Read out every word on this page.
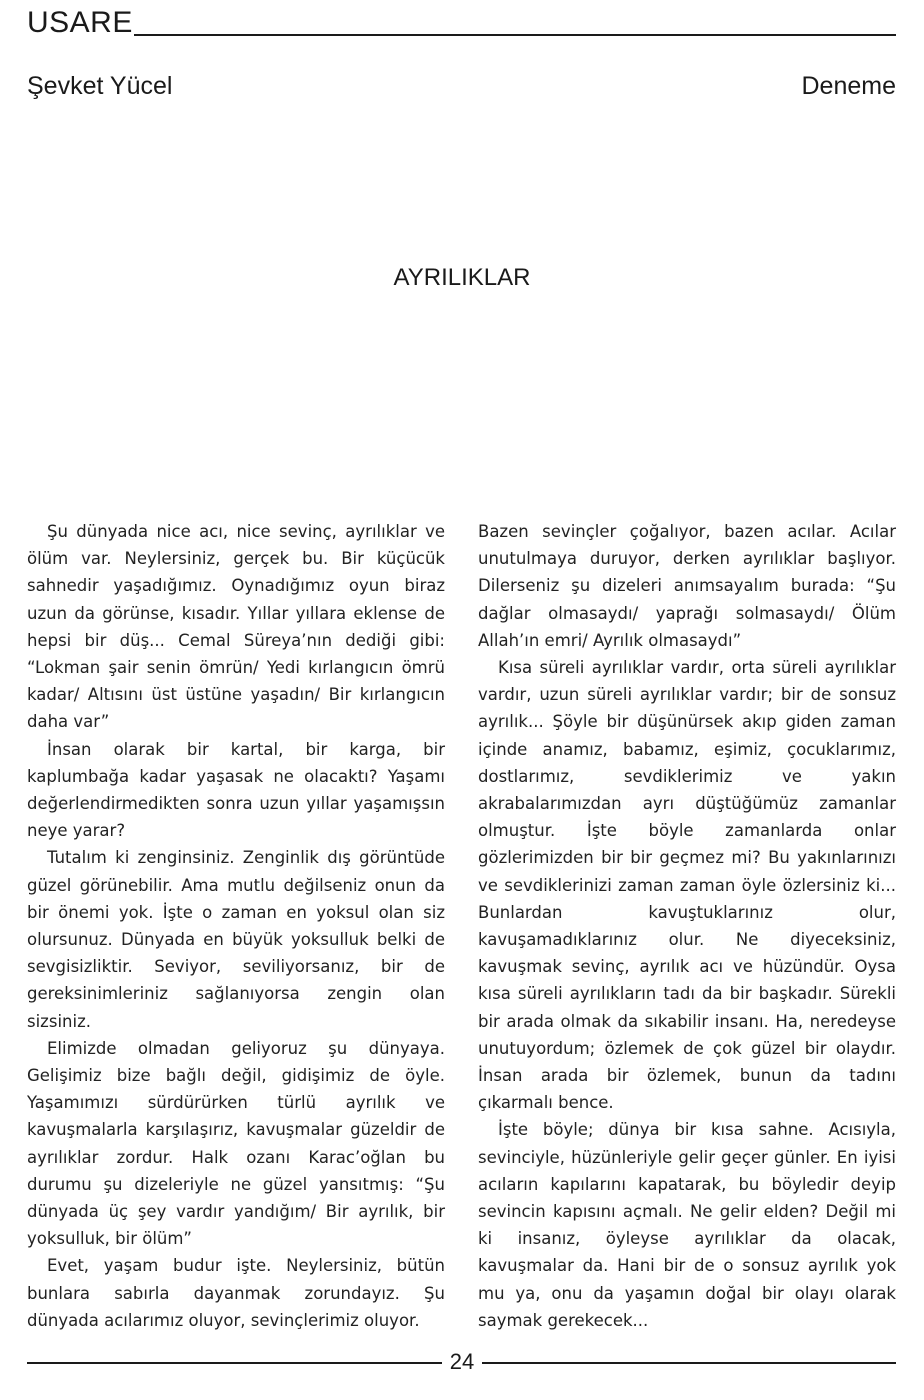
USARE
Şevket Yücel	Deneme
AYRILIKLAR

Şu dünyada nice acı, nice sevinç, ayrılıklar ve ölüm var. Neylersiniz, gerçek bu. Bir küçücük sahnedir yaşadığımız. Oynadığımız oyun biraz uzun da görünse, kısadır. Yıllar yıllara eklense de hepsi bir düş... Cemal Süreya’nın dediği gibi: “Lokman şair senin ömrün/ Yedi kırlangıcın ömrü kadar/ Altısını üst üstüne yaşadın/ Bir kırlangıcın daha var”

İnsan olarak bir kartal, bir karga, bir kaplumbağa kadar yaşasak ne olacaktı? Yaşamı değerlendirmedikten sonra uzun yıllar yaşamışsın neye yarar?

Tutalım ki zenginsiniz. Zenginlik dış görüntüde güzel görünebilir. Ama mutlu değilseniz onun da bir önemi yok. İşte o zaman en yoksul olan siz olursunuz. Dünyada en büyük yoksulluk belki de sevgisizliktir. Seviyor, seviliyorsanız, bir de gereksinimleriniz sağlanıyorsa zengin olan sizsiniz.

Elimizde olmadan geliyoruz şu dünyaya. Gelişimiz bize bağlı değil, gidişimiz de öyle. Yaşamımızı sürdürürken türlü ayrılık ve kavuşmalarla karşılaşırız, kavuşmalar güzeldir de ayrılıklar zordur. Halk ozanı Karac’oğlan bu durumu şu dizeleriyle ne güzel yansıtmış: “Şu dünyada üç şey vardır yandığım/ Bir ayrılık, bir yoksulluk, bir ölüm”

Evet, yaşam budur işte. Neylersiniz, bütün bunlara sabırla dayanmak zorundayız. Şu dünyada acılarımız oluyor, sevinçlerimiz oluyor.

Bazen sevinçler çoğalıyor, bazen acılar. Acılar unutulmaya duruyor, derken ayrılıklar başlıyor. Dilerseniz şu dizeleri anımsayalım burada: “Şu dağlar olmasaydı/ yaprağı solmasaydı/ Ölüm Allah’ın emri/ Ayrılık olmasaydı”

Kısa süreli ayrılıklar vardır, orta süreli ayrılıklar vardır, uzun süreli ayrılıklar vardır; bir de sonsuz ayrılık... Şöyle bir düşünürsek akıp giden zaman içinde anamız, babamız, eşimiz, çocuklarımız, dostlarımız, sevdiklerimiz ve yakın akrabalarımızdan ayrı düştüğümüz zamanlar olmuştur. İşte böyle zamanlarda onlar gözlerimizden bir bir geçmez mi? Bu yakınlarınızı ve sevdiklerinizi zaman zaman öyle özlersiniz ki... Bunlardan kavuştuklarınız olur, kavuşamadıklarınız olur. Ne diyeceksiniz, kavuşmak sevinç, ayrılık acı ve hüzündür. Oysa kısa süreli ayrılıkların tadı da bir başkadır. Sürekli bir arada olmak da sıkabilir insanı. Ha, neredeyse unutuyordum; özlemek de çok güzel bir olaydır. İnsan arada bir özlemek, bunun da tadını çıkarmalı bence.

İşte böyle; dünya bir kısa sahne. Acısıyla, sevinciyle, hüzünleriyle gelir geçer günler. En iyisi acıların kapılarını kapatarak, bu böyledir deyip sevincin kapısını açmalı. Ne gelir elden? Değil mi ki insanız, öyleyse ayrılıklar da olacak, kavuşmalar da. Hani bir de o sonsuz ayrılık yok mu ya, onu da yaşamın doğal bir olayı olarak saymak gerekecek...

24
